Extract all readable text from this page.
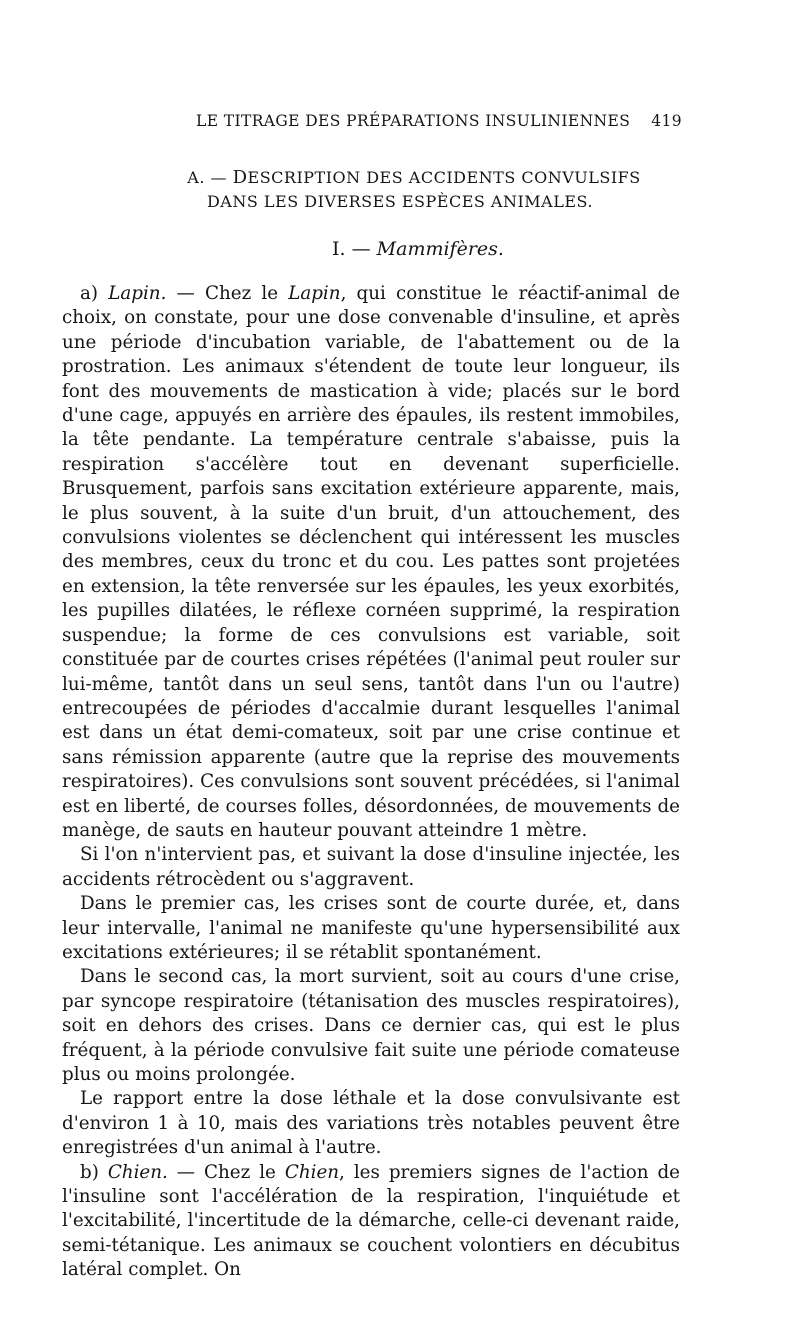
LE TITRAGE DES PRÉPARATIONS INSULINIENNES 419
A. — DESCRIPTION DES ACCIDENTS CONVULSIFS
DANS LES DIVERSES ESPÈCES ANIMALES.
I. — Mammifères.

a) Lapin. — Chez le Lapin, qui constitue le réactif-animal de choix, on constate, pour une dose convenable d'insuline, et après une période d'incubation variable, de l'abattement ou de la prostration. Les animaux s'étendent de toute leur longueur, ils font des mouvements de mastication à vide; placés sur le bord d'une cage, appuyés en arrière des épaules, ils restent immobiles, la tête pendante. La température centrale s'abaisse, puis la respiration s'accélère tout en devenant superficielle. Brusquement, parfois sans excitation extérieure apparente, mais, le plus souvent, à la suite d'un bruit, d'un attouchement, des convulsions violentes se déclenchent qui intéressent les muscles des membres, ceux du tronc et du cou. Les pattes sont projetées en extension, la tête renversée sur les épaules, les yeux exorbités, les pupilles dilatées, le réflexe cornéen supprimé, la respiration suspendue; la forme de ces convulsions est variable, soit constituée par de courtes crises répétées (l'animal peut rouler sur lui-même, tantôt dans un seul sens, tantôt dans l'un ou l'autre) entrecoupées de périodes d'accalmie durant lesquelles l'animal est dans un état demi-comateux, soit par une crise continue et sans rémission apparente (autre que la reprise des mouvements respiratoires). Ces convulsions sont souvent précédées, si l'animal est en liberté, de courses folles, désordonnées, de mouvements de manège, de sauts en hauteur pouvant atteindre 1 mètre.

Si l'on n'intervient pas, et suivant la dose d'insuline injectée, les accidents rétrocèdent ou s'aggravent.

Dans le premier cas, les crises sont de courte durée, et, dans leur intervalle, l'animal ne manifeste qu'une hypersensibilité aux excitations extérieures; il se rétablit spontanément.

Dans le second cas, la mort survient, soit au cours d'une crise, par syncope respiratoire (tétanisation des muscles respiratoires), soit en dehors des crises. Dans ce dernier cas, qui est le plus fréquent, à la période convulsive fait suite une période comateuse plus ou moins prolongée.

Le rapport entre la dose léthale et la dose convulsivante est d'environ 1 à 10, mais des variations très notables peuvent être enregistrées d'un animal à l'autre.

b) Chien. — Chez le Chien, les premiers signes de l'action de l'insuline sont l'accélération de la respiration, l'inquiétude et l'excitabilité, l'incertitude de la démarche, celle-ci devenant raide, semi-tétanique. Les animaux se couchent volontiers en décubitus latéral complet. On
